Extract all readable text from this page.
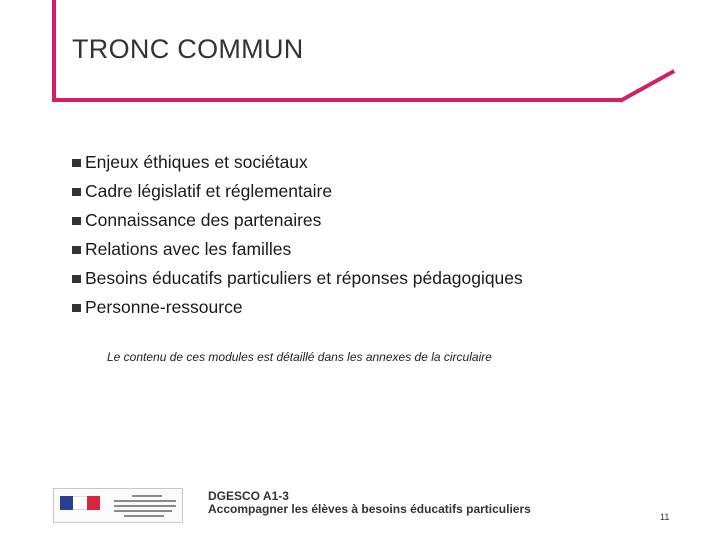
TRONC COMMUN
Enjeux éthiques et sociétaux
Cadre législatif et réglementaire
Connaissance des partenaires
Relations avec les familles
Besoins éducatifs particuliers et réponses pédagogiques
Personne-ressource
Le contenu de ces modules est détaillé dans les annexes de la circulaire
DGESCO A1-3
Accompagner les élèves à besoins éducatifs particuliers
11
